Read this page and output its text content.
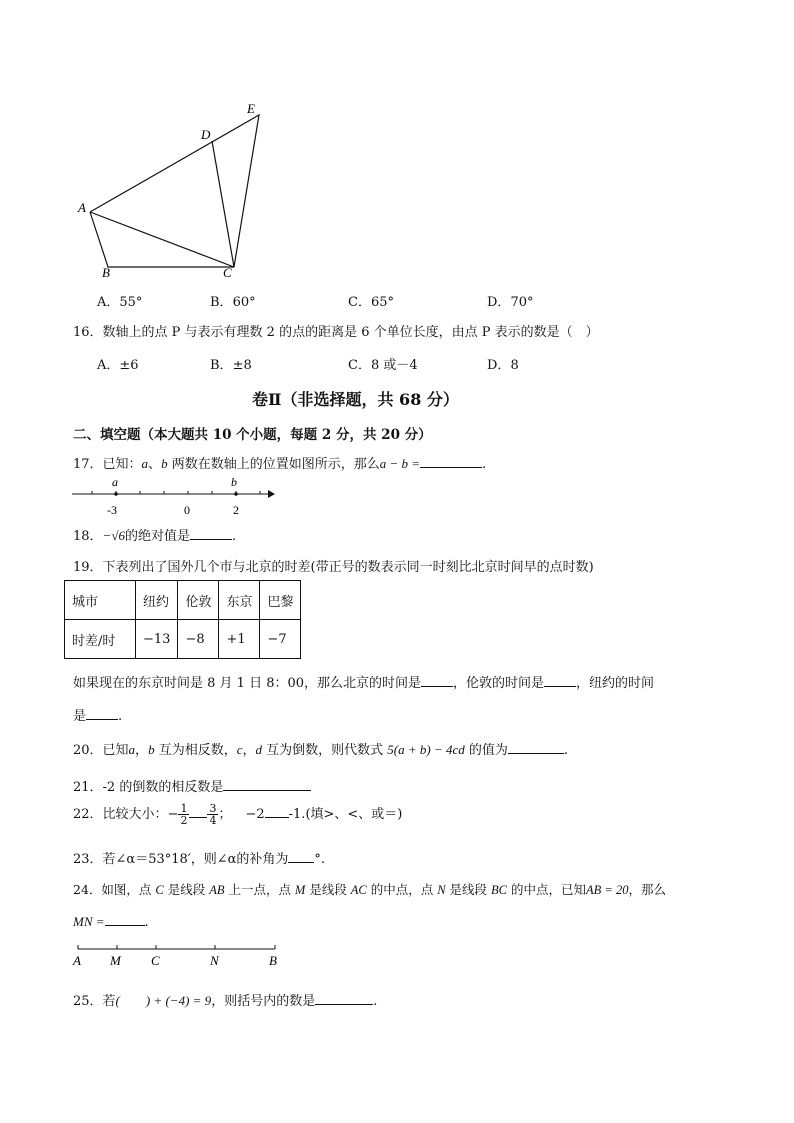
A
B	C
D
E
A．55°	B．60°	C．65°	D．70°
16．数轴上的点 P 与表示有理数 2 的点的距离是 6 个单位长度，由点 P 表示的数是（　）
A．±6	B．±8	C．8 或－4	D．8
卷Ⅱ（非选择题，共 68 分）
二、填空题（本大题共 10 个小题，每题 2 分，共 20 分）
17．已知：a、b 两数在数轴上的位置如图所示，那么a − b =	.
a	b
-3	0	2
18．−√6的绝对值是	.
19．下表列出了国外几个市与北京的时差(带正号的数表示同一时刻比北京时间早的点时数)
城市	纽约	伦敦	东京	巴黎
时差/时	−13	−8	+1	−7
如果现在的东京时间是 8 月 1 日 8：00，那么北京的时间是 ，伦敦的时间是 ，纽约的时间
是 .
20．已知a，b 互为相反数，c，d 互为倒数，则代数式 5(a + b) − 4cd 的值为	.
21．-2 的倒数的相反数是
22．比较大小：− $\frac{1}{2} \frac{3}{4}$ ； −2 -1.(填>、<、或＝)
23．若∠α＝53°18′，则∠α的补角为 °.
24．如图，点 C 是线段 AB 上一点，点 M 是线段 AC 的中点，点 N 是线段 BC 的中点，已知AB = 20，那么
MN =	.
A M C	N	B
25．若(　　) + (−4) = 9，则括号内的数是	.
